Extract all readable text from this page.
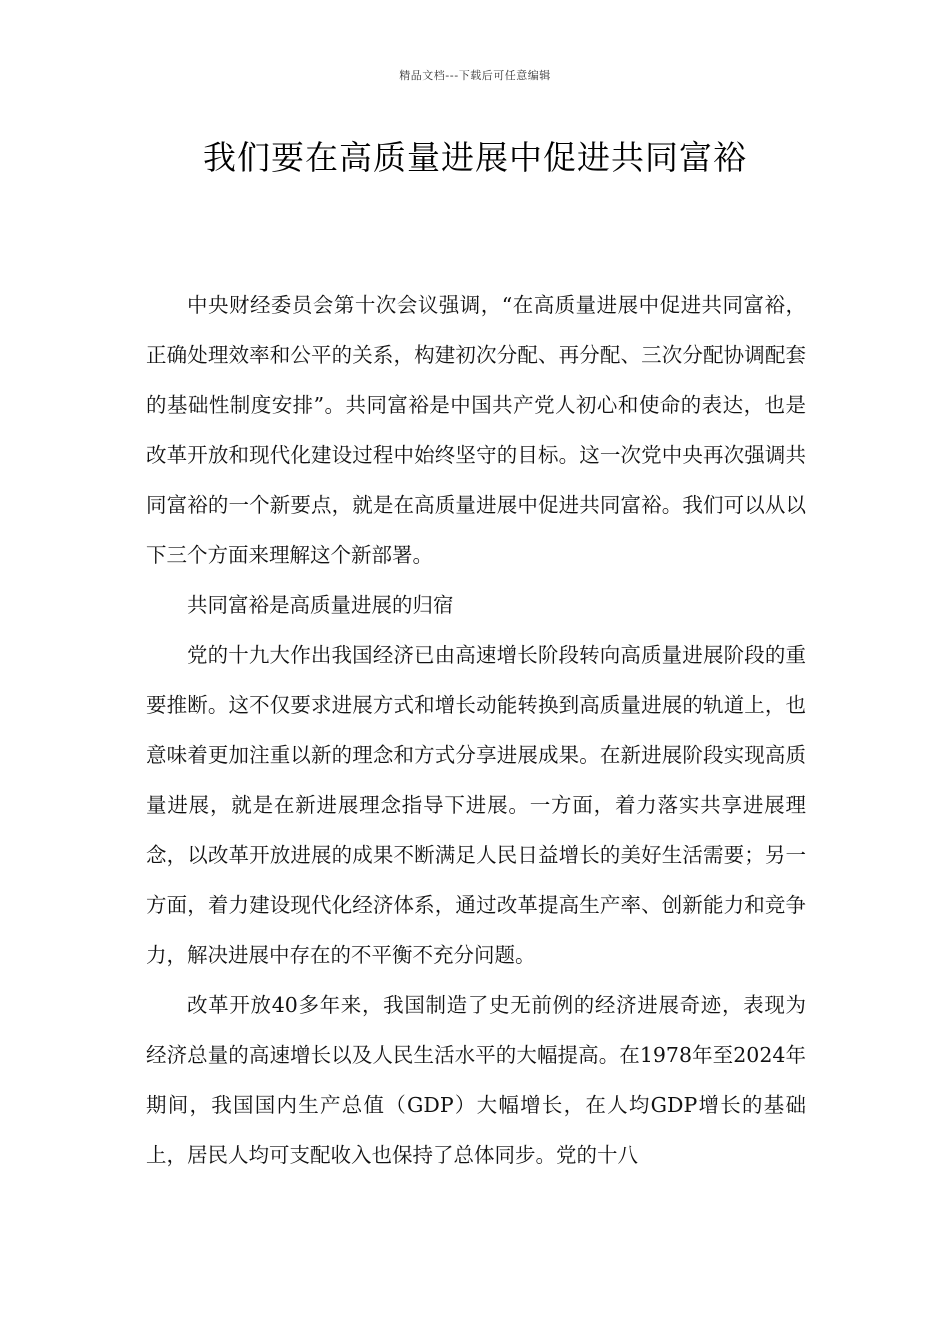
精品文档---下载后可任意编辑
我们要在高质量进展中促进共同富裕

中央财经委员会第十次会议强调，“在高质量进展中促进共同富裕，正确处理效率和公平的关系，构建初次分配、再分配、三次分配协调配套的基础性制度安排”。共同富裕是中国共产党人初心和使命的表达，也是改革开放和现代化建设过程中始终坚守的目标。这一次党中央再次强调共同富裕的一个新要点，就是在高质量进展中促进共同富裕。我们可以从以下三个方面来理解这个新部署。

共同富裕是高质量进展的归宿

党的十九大作出我国经济已由高速增长阶段转向高质量进展阶段的重要推断。这不仅要求进展方式和增长动能转换到高质量进展的轨道上，也意味着更加注重以新的理念和方式分享进展成果。在新进展阶段实现高质量进展，就是在新进展理念指导下进展。一方面，着力落实共享进展理念，以改革开放进展的成果不断满足人民日益增长的美好生活需要；另一方面，着力建设现代化经济体系，通过改革提高生产率、创新能力和竞争力，解决进展中存在的不平衡不充分问题。

改革开放40多年来，我国制造了史无前例的经济进展奇迹，表现为经济总量的高速增长以及人民生活水平的大幅提高。在1978年至2024年期间，我国国内生产总值（GDP）大幅增长，在人均GDP增长的基础上，居民人均可支配收入也保持了总体同步。党的十八
